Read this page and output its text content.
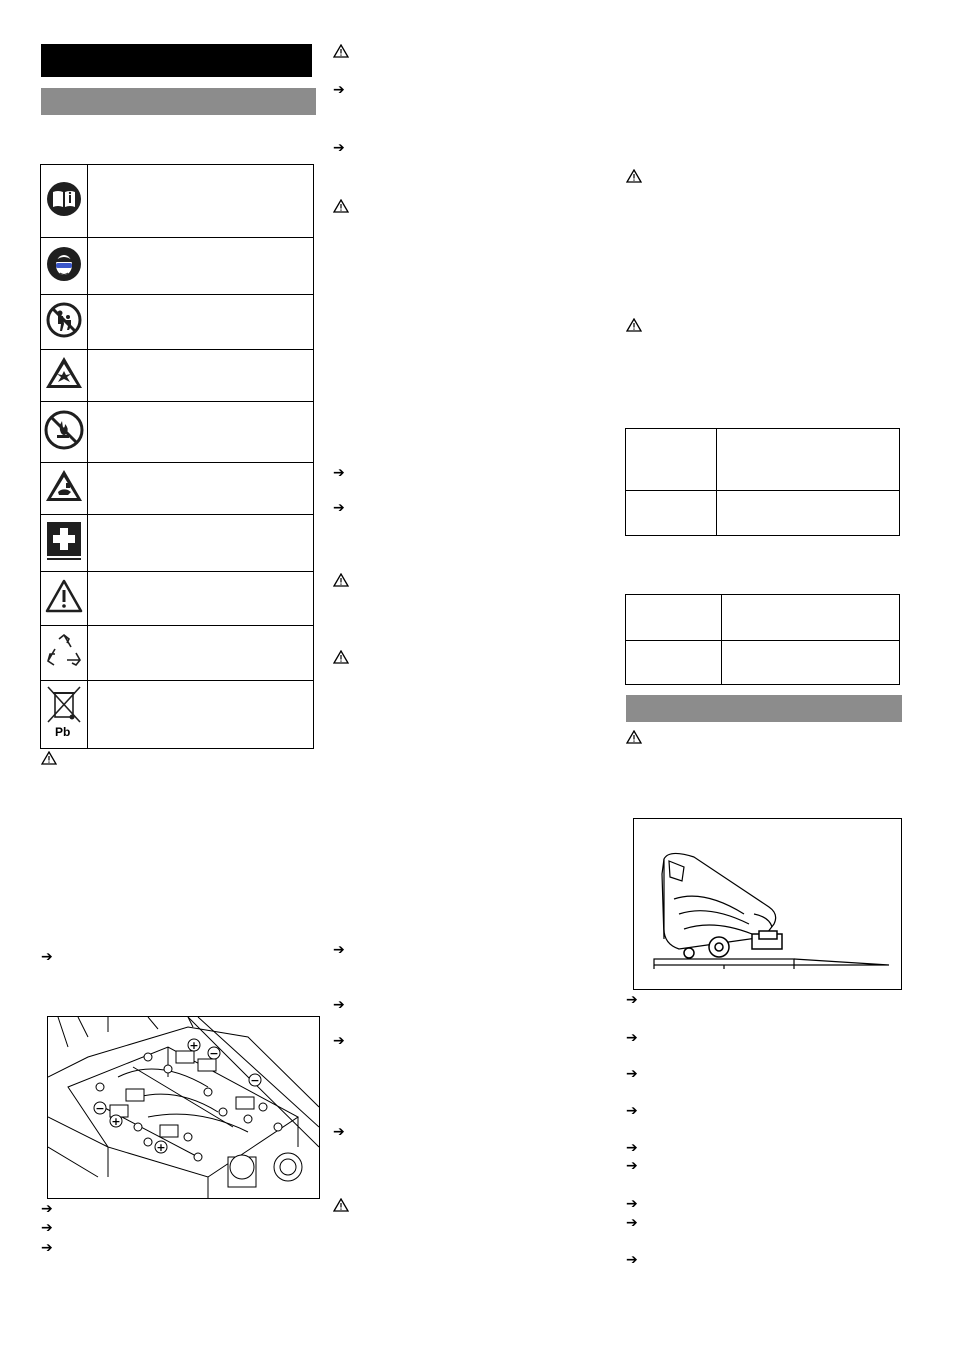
Pb	

➔
+
−
−
−
+
+
➔
➔
➔
➔
➔
➔
➔
➔
➔
➔
➔

➔
➔
➔
➔
➔
➔
➔
➔
➔
